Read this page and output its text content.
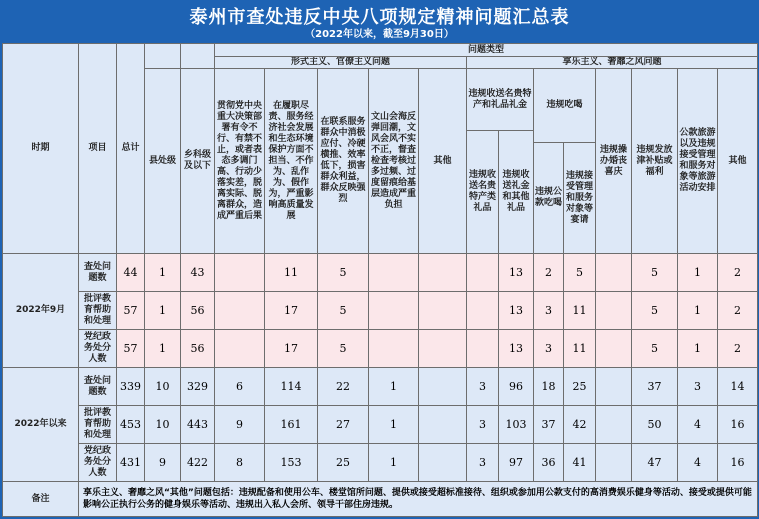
泰州市查处违反中央八项规定精神问题汇总表
（2022年以来，截至9月30日）
时期	项目	总计			问题类型												
					形式主义、官僚主义问题					享乐主义、奢靡之风问题							
			县处级	乡科级及以下	贯彻党中央重大决策部署有令不行、有禁不止，或者表态多调门高、行动少落实差，脱离实际、脱离群众，造成严重后果	在履职尽责、服务经济社会发展和生态环境保护方面不担当、不作为、乱作为、假作为，严重影响高质量发展	在联系服务群众中消极应付、冷硬横推、效率低下，损害群众利益，群众反映强烈	文山会海反弹回潮，文风会风不实不正，督查检查考核过多过频、过度留痕给基层造成严重负担	其他	违规收送名贵特产和礼品礼金		违规吃喝		违规操办婚丧喜庆	违规发放津补贴或福利	公款旅游以及违规接受管理和服务对象等旅游活动安排	其他
										违规收送名贵特产类礼品	违规收送礼金和其他礼品						
												违规公款吃喝	违规接受管理和服务对象等宴请				
2022年9月	查处问题数	44	1	43		11	5				13	2	5		5	1	2
	批评教育帮助和处理	57	1	56		17	5				13	3	11		5	1	2
	党纪政务处分人数	57	1	56		17	5				13	3	11		5	1	2
2022年以来	查处问题数	339	10	329	6	114	22	1		3	96	18	25		37	3	14
	批评教育帮助和处理	453	10	443	9	161	27	1		3	103	37	42		50	4	16
	党纪政务处分人数	431	9	422	8	153	25	1		3	97	36	41		47	4	16
备注	享乐主义、奢靡之风“其他”问题包括：违规配备和使用公车、楼堂馆所问题、提供或接受超标准接待、组织或参加用公款支付的高消费娱乐健身等活动、接受或提供可能影响公正执行公务的健身娱乐等活动、违规出入私人会所、领导干部住房违规。																
